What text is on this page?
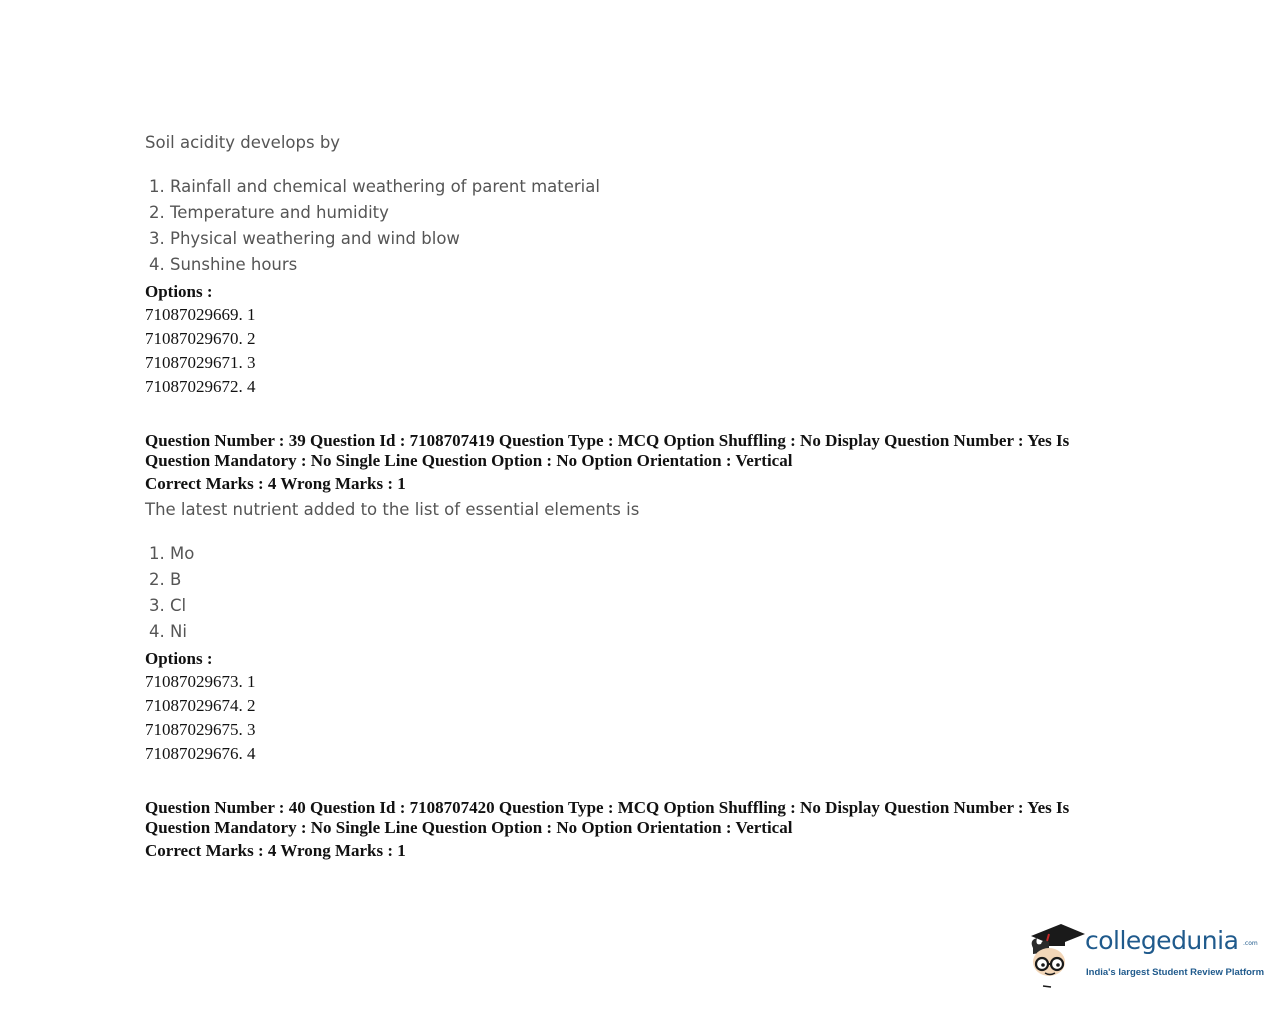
Soil acidity develops by
1. Rainfall and chemical weathering of parent material
2. Temperature and humidity
3. Physical weathering and wind blow
4. Sunshine hours
Options :
71087029669. 1
71087029670. 2
71087029671. 3
71087029672. 4
Question Number : 39 Question Id : 7108707419 Question Type : MCQ Option Shuffling : No Display Question Number : Yes Is Question Mandatory : No Single Line Question Option : No Option Orientation : Vertical
Correct Marks : 4 Wrong Marks : 1
The latest nutrient added to the list of essential elements is
1. Mo
2. B
3. Cl
4. Ni
Options :
71087029673. 1
71087029674. 2
71087029675. 3
71087029676. 4
Question Number : 40 Question Id : 7108707420 Question Type : MCQ Option Shuffling : No Display Question Number : Yes Is Question Mandatory : No Single Line Question Option : No Option Orientation : Vertical
Correct Marks : 4 Wrong Marks : 1
collegedunia .com
India's largest Student Review Platform
